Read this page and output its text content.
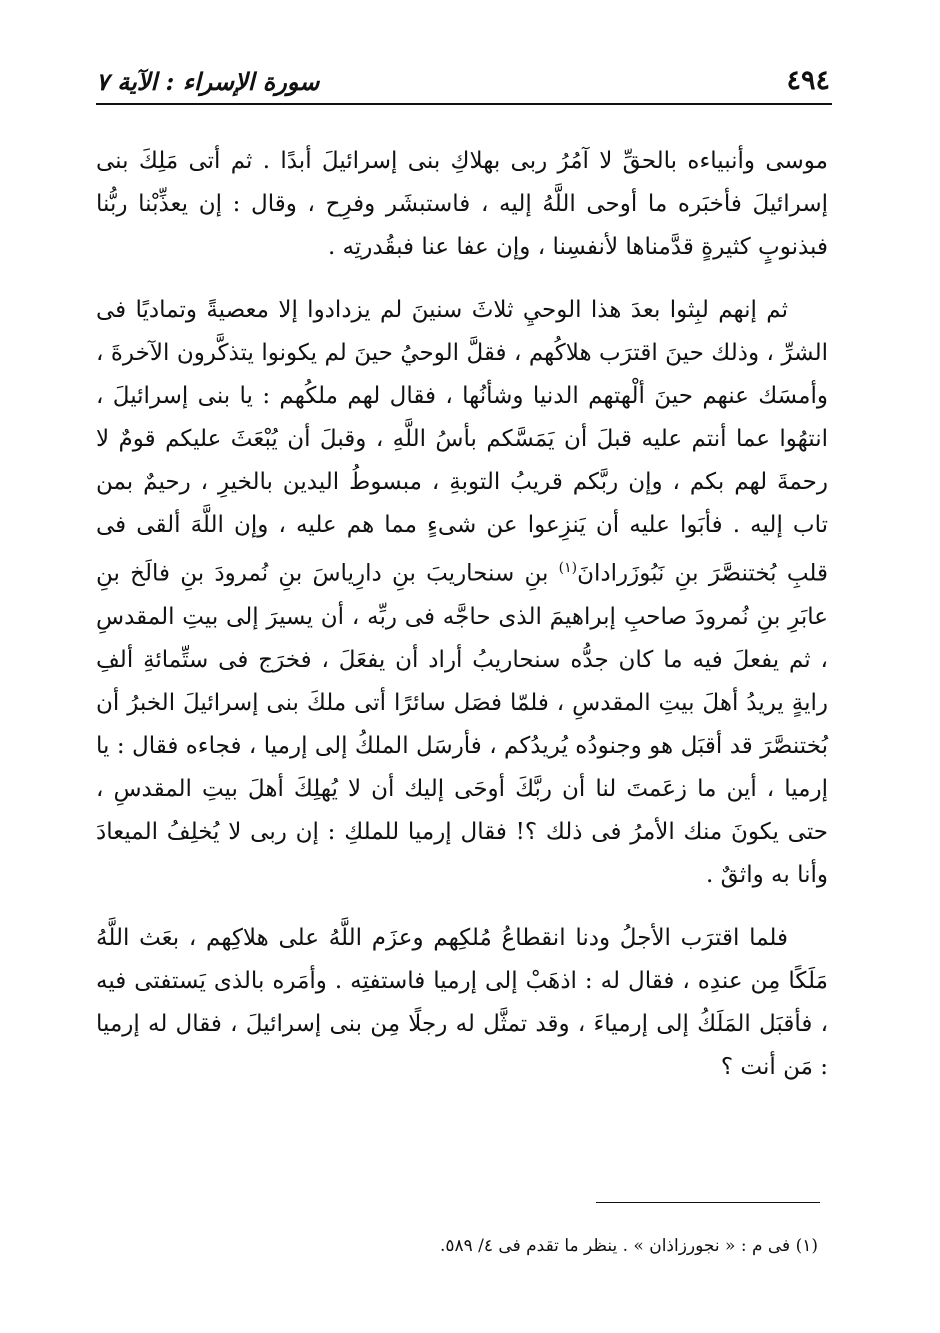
٤٩٤
سورة الإسراء : الآية ٧

موسى وأنبياءه بالحقِّ لا آمُرُ ربى بهلاكِ بنى إسرائيلَ أبدًا . ثم أتى مَلِكَ بنى إسرائيلَ فأخبَره ما أوحى اللَّهُ إليه ، فاستبشَر وفرِح ، وقال : إن يعذِّبْنا ربُّنا فبذنوبٍ كثيرةٍ قدَّمناها لأنفسِنا ، وإن عفا عنا فبقُدرتِه .

ثم إنهم لبِثوا بعدَ هذا الوحيِ ثلاثَ سنينَ لم يزدادوا إلا معصيةً وتماديًا فى الشرِّ ، وذلك حينَ اقترَب هلاكُهم ، فقلَّ الوحيُ حينَ لم يكونوا يتذكَّرون الآخرةَ ، وأمسَك عنهم حينَ ألْهتهم الدنيا وشأنُها ، فقال لهم ملكُهم : يا بنى إسرائيلَ ، انتهُوا عما أنتم عليه قبلَ أن يَمَسَّكم بأسُ اللَّهِ ، وقبلَ أن يُبْعَثَ عليكم قومٌ لا رحمةَ لهم بكم ، وإن ربَّكم قريبُ التوبةِ ، مبسوطُ اليدين بالخيرِ ، رحيمٌ بمن تاب إليه . فأبَوا عليه أن يَنزِعوا عن شىءٍ مما هم عليه ، وإن اللَّهَ ألقى فى قلبِ بُختنصَّرَ بنِ نَبُوزَرادانَ$^{(١)}$ بنِ سنحاريبَ بنِ دارِياسَ بنِ نُمرودَ بنِ فالَخ بنِ عابَرِ بنِ نُمرودَ صاحبِ إبراهيمَ الذى حاجَّه فى ربِّه ، أن يسيرَ إلى بيتِ المقدسِ ، ثم يفعلَ فيه ما كان جدُّه سنحاريبُ أراد أن يفعَلَ ، فخرَج فى ستِّمائةِ ألفِ رايةٍ يريدُ أهلَ بيتِ المقدسِ ، فلمّا فصَل سائرًا أتى ملكَ بنى إسرائيلَ الخبرُ أن بُختنصَّرَ قد أقبَل هو وجنودُه يُريدُكم ، فأرسَل الملكُ إلى إرميا ، فجاءه فقال : يا إرميا ، أين ما زعَمتَ لنا أن ربَّكَ أوحَى إليك أن لا يُهلِكَ أهلَ بيتِ المقدسِ ، حتى يكونَ منك الأمرُ فى ذلك ؟! فقال إرميا للملكِ : إن ربى لا يُخلِفُ الميعادَ وأنا به واثقٌ .

فلما اقترَب الأجلُ ودنا انقطاعُ مُلكِهم وعزَم اللَّهُ على هلاكِهم ، بعَث اللَّهُ مَلَكًا مِن عندِه ، فقال له : اذهَبْ إلى إرميا فاستفتِه . وأمَره بالذى يَستفتى فيه ، فأقبَل المَلَكُ إلى إرمياءَ ، وقد تمثَّل له رجلًا مِن بنى إسرائيلَ ، فقال له إرميا : مَن أنت ؟

(١) فى م : « نجورزاذان » . ينظر ما تقدم فى ٤/ ٥٨٩.
